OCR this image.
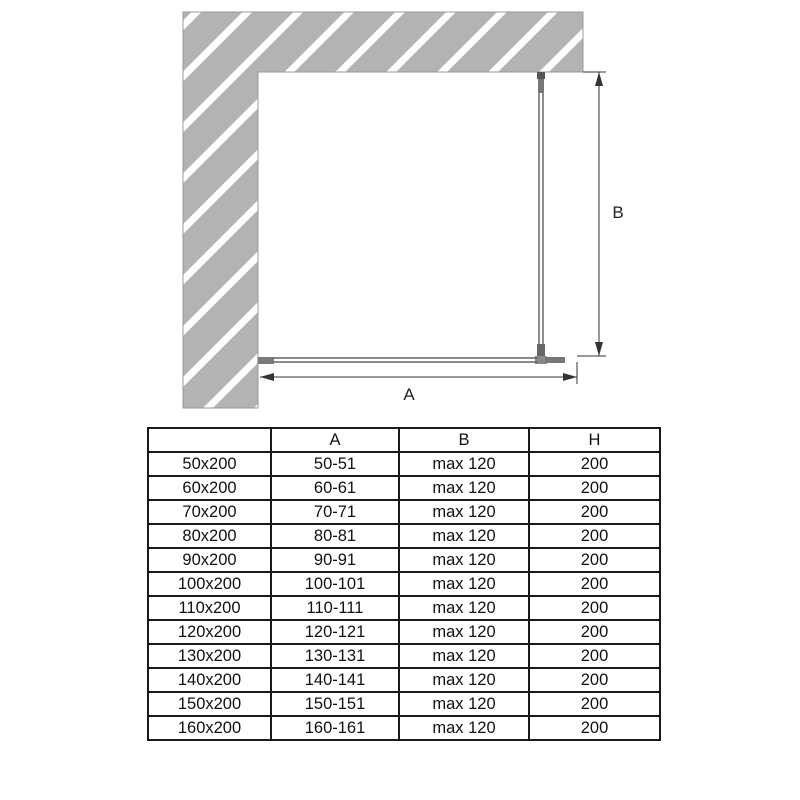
A
B
	A	B	H
50x200	50-51	max 120	200
60x200	60-61	max 120	200
70x200	70-71	max 120	200
80x200	80-81	max 120	200
90x200	90-91	max 120	200
100x200	100-101	max 120	200
110x200	110-111	max 120	200
120x200	120-121	max 120	200
130x200	130-131	max 120	200
140x200	140-141	max 120	200
150x200	150-151	max 120	200
160x200	160-161	max 120	200
